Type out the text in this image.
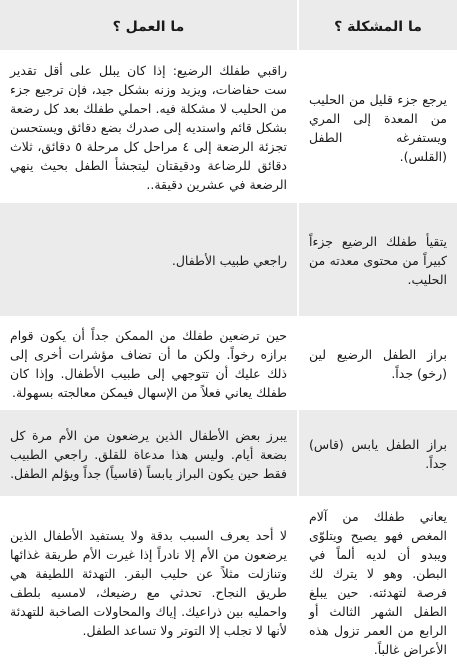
ما المشكلة ؟
ما العمل ؟
يرجع جزء قليل من الحليب من المعدة إلى المري ويستفرغه الطفل (القلس).
راقبي طفلك الرضيع: إذا كان يبلل على أقل تقدير ست حفاضات، ويزيد وزنه بشكل جيد، فإن ترجيع جزء من الحليب لا مشكلة فيه. احملي طفلك بعد كل رضعة بشكل قائم واسنديه إلى صدرك بضع دقائق ويستحسن تجزئة الرضعة إلى ٤ مراحل كل مرحلة ٥ دقائق، ثلاث دقائق للرضاعة ودقيقتان ليتجشأ الطفل بحيث ينهي الرضعة في عشرين دقيقة..
يتقيأ طفلك الرضيع جزءاً كبيراً من محتوى معدته من الحليب.
راجعي طبيب الأطفال.
براز الطفل الرضيع لين (رخو) جداً.
حين ترضعين طفلك من الممكن جداً أن يكون قوام برازه رخواً. ولكن ما أن تضاف مؤشرات أخرى إلى ذلك عليك أن تتوجهي إلى طبيب الأطفال. وإذا كان طفلك يعاني فعلاً من الإسهال فيمكن معالجته بسهولة.
براز الطفل يابس (قاس) جداً.
يبرز بعض الأطفال الذين يرضعون من الأم مرة كل بضعة أيام. وليس هذا مدعاة للقلق. راجعي الطبيب فقط حين يكون البراز يابساً (قاسياً) جداً ويؤلم الطفل.
يعاني طفلك من آلام المغص فهو يصيح ويتلوّى ويبدو أن لديه ألماً في البطن. وهو لا يترك لك فرصة لتهدئته. حين يبلغ الطفل الشهر الثالث أو الرابع من العمر تزول هذه الأعراض غالباً.
لا أحد يعرف السبب بدقة ولا يستفيد الأطفال الذين يرضعون من الأم إلا نادراً إذا غيرت الأم طريقة غذائها وتنازلت مثلاً عن حليب البقر. التهدئة اللطيفة هي طريق النجاح. تحدثي مع رضيعك، لامسيه بلطف واحمليه بين ذراعيك. إياك والمحاولات الصاخبة للتهدئة لأنها لا تجلب إلا التوتر ولا تساعد الطفل.
